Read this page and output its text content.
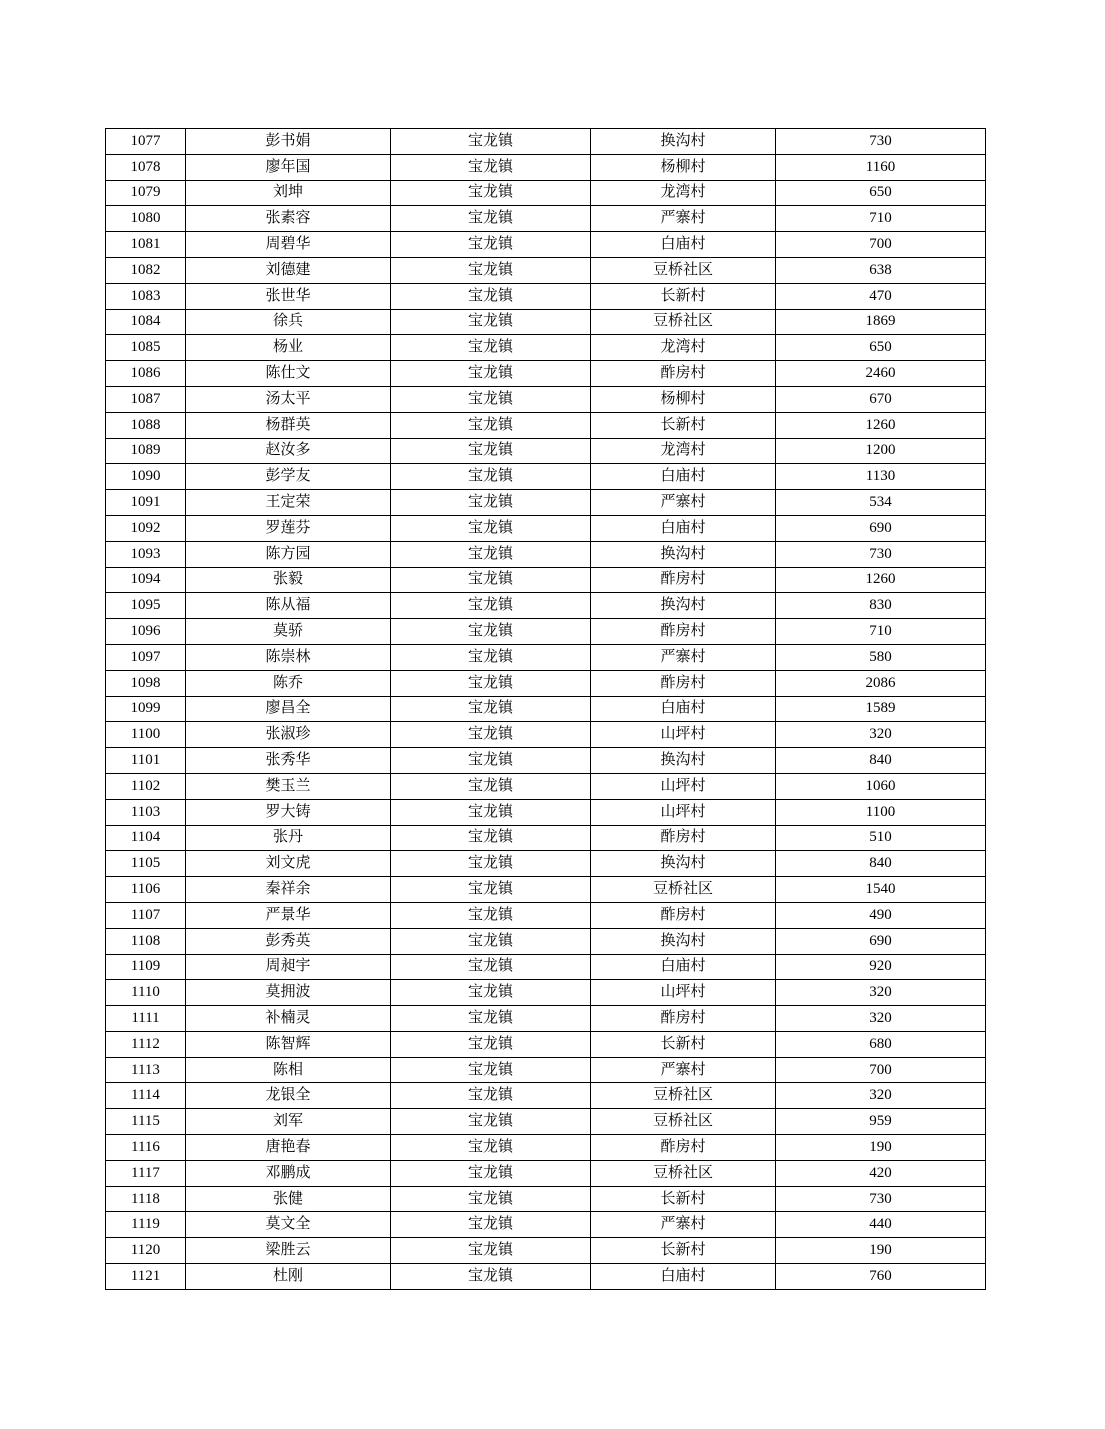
1077	彭书娟	宝龙镇	换沟村	730
1078	廖年国	宝龙镇	杨柳村	1160
1079	刘坤	宝龙镇	龙湾村	650
1080	张素容	宝龙镇	严寨村	710
1081	周碧华	宝龙镇	白庙村	700
1082	刘德建	宝龙镇	豆桥社区	638
1083	张世华	宝龙镇	长新村	470
1084	徐兵	宝龙镇	豆桥社区	1869
1085	杨业	宝龙镇	龙湾村	650
1086	陈仕文	宝龙镇	酢房村	2460
1087	汤太平	宝龙镇	杨柳村	670
1088	杨群英	宝龙镇	长新村	1260
1089	赵汝多	宝龙镇	龙湾村	1200
1090	彭学友	宝龙镇	白庙村	1130
1091	王定荣	宝龙镇	严寨村	534
1092	罗莲芬	宝龙镇	白庙村	690
1093	陈方园	宝龙镇	换沟村	730
1094	张毅	宝龙镇	酢房村	1260
1095	陈从福	宝龙镇	换沟村	830
1096	莫骄	宝龙镇	酢房村	710
1097	陈崇林	宝龙镇	严寨村	580
1098	陈乔	宝龙镇	酢房村	2086
1099	廖昌全	宝龙镇	白庙村	1589
1100	张淑珍	宝龙镇	山坪村	320
1101	张秀华	宝龙镇	换沟村	840
1102	樊玉兰	宝龙镇	山坪村	1060
1103	罗大铸	宝龙镇	山坪村	1100
1104	张丹	宝龙镇	酢房村	510
1105	刘文虎	宝龙镇	换沟村	840
1106	秦祥余	宝龙镇	豆桥社区	1540
1107	严景华	宝龙镇	酢房村	490
1108	彭秀英	宝龙镇	换沟村	690
1109	周昶宇	宝龙镇	白庙村	920
1110	莫拥波	宝龙镇	山坪村	320
1111	补楠灵	宝龙镇	酢房村	320
1112	陈智辉	宝龙镇	长新村	680
1113	陈相	宝龙镇	严寨村	700
1114	龙银全	宝龙镇	豆桥社区	320
1115	刘军	宝龙镇	豆桥社区	959
1116	唐艳春	宝龙镇	酢房村	190
1117	邓鹏成	宝龙镇	豆桥社区	420
1118	张健	宝龙镇	长新村	730
1119	莫文全	宝龙镇	严寨村	440
1120	梁胜云	宝龙镇	长新村	190
1121	杜刚	宝龙镇	白庙村	760
